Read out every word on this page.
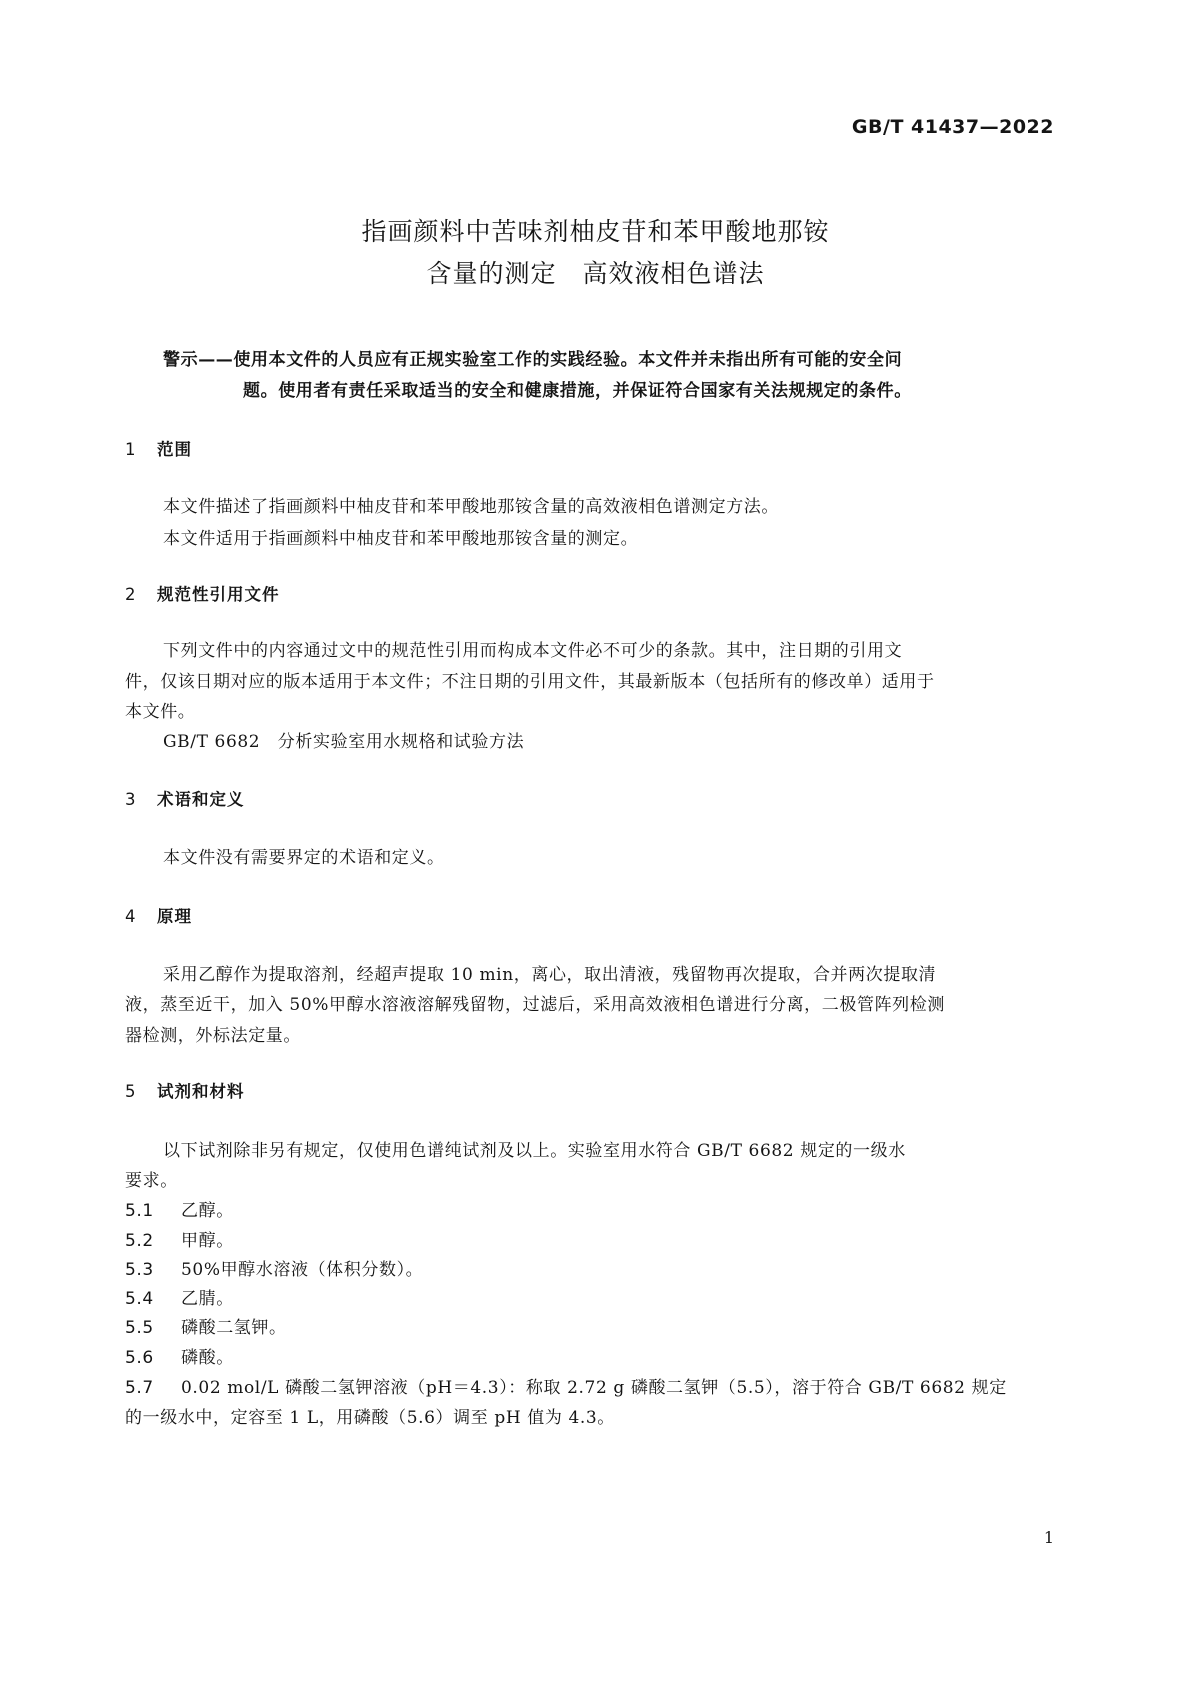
GB/T 41437—2022
指画颜料中苦味剂柚皮苷和苯甲酸地那铵
含量的测定　高效液相色谱法
警示——使用本文件的人员应有正规实验室工作的实践经验。本文件并未指出所有可能的安全问
题。使用者有责任采取适当的安全和健康措施，并保证符合国家有关法规规定的条件。
1 范围
本文件描述了指画颜料中柚皮苷和苯甲酸地那铵含量的高效液相色谱测定方法。
本文件适用于指画颜料中柚皮苷和苯甲酸地那铵含量的测定。
2 规范性引用文件
下列文件中的内容通过文中的规范性引用而构成本文件必不可少的条款。其中，注日期的引用文
件，仅该日期对应的版本适用于本文件；不注日期的引用文件，其最新版本（包括所有的修改单）适用于
本文件。
GB/T 6682　分析实验室用水规格和试验方法
3 术语和定义
本文件没有需要界定的术语和定义。
4 原理
采用乙醇作为提取溶剂，经超声提取 10 min，离心，取出清液，残留物再次提取，合并两次提取清
液，蒸至近干，加入 50%甲醇水溶液溶解残留物，过滤后，采用高效液相色谱进行分离，二极管阵列检测
器检测，外标法定量。
5 试剂和材料
以下试剂除非另有规定，仅使用色谱纯试剂及以上。实验室用水符合 GB/T 6682 规定的一级水
要求。
5.1 乙醇。
5.2 甲醇。
5.3 50%甲醇水溶液（体积分数）。
5.4 乙腈。
5.5 磷酸二氢钾。
5.6 磷酸。
5.7 0.02 mol/L 磷酸二氢钾溶液（pH＝4.3）：称取 2.72 g 磷酸二氢钾（5.5），溶于符合 GB/T 6682 规定
的一级水中，定容至 1 L，用磷酸（5.6）调至 pH 值为 4.3。
1
